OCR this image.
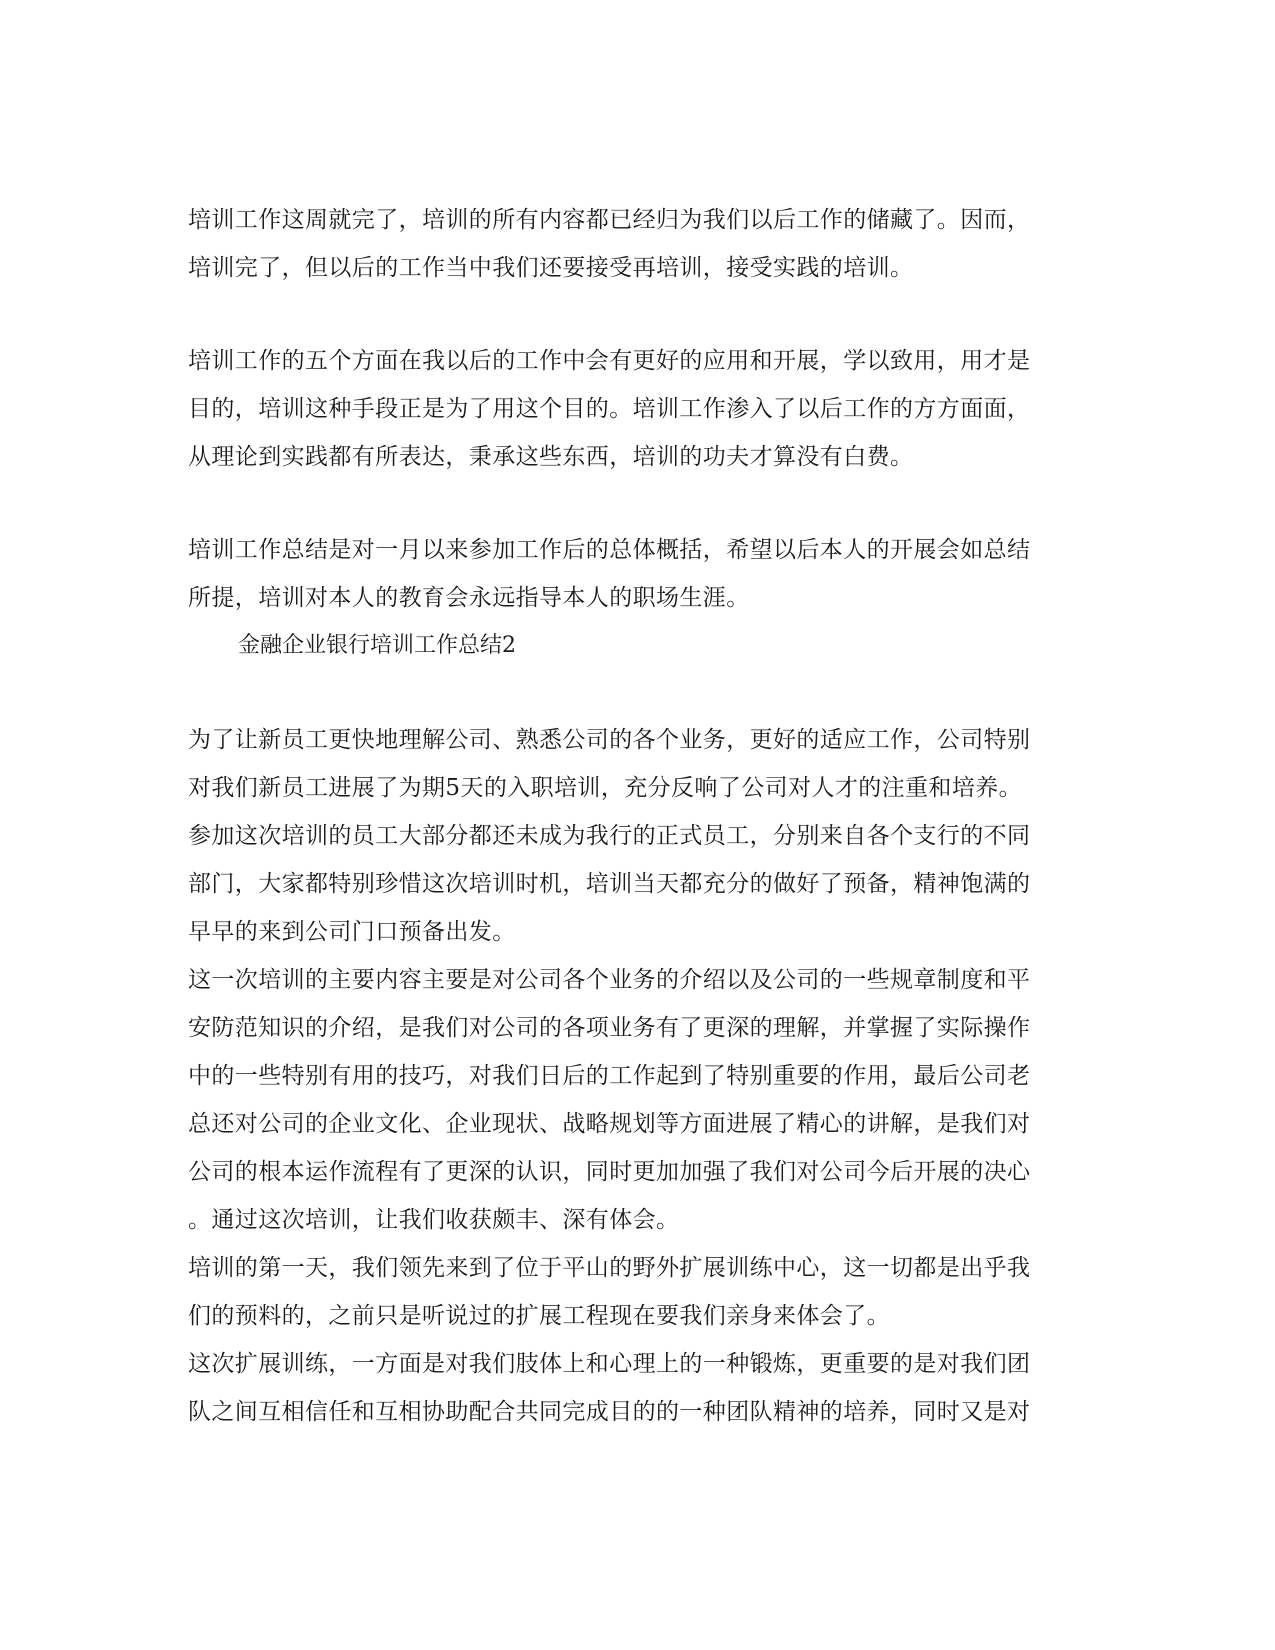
培训工作这周就完了，培训的所有内容都已经归为我们以后工作的储藏了。因而，
培训完了，但以后的工作当中我们还要接受再培训，接受实践的培训。
培训工作的五个方面在我以后的工作中会有更好的应用和开展，学以致用，用才是
目的，培训这种手段正是为了用这个目的。培训工作渗入了以后工作的方方面面，
从理论到实践都有所表达，秉承这些东西，培训的功夫才算没有白费。
培训工作总结是对一月以来参加工作后的总体概括，希望以后本人的开展会如总结
所提，培训对本人的教育会永远指导本人的职场生涯。
金融企业银行培训工作总结2
为了让新员工更快地理解公司、熟悉公司的各个业务，更好的适应工作，公司特别
对我们新员工进展了为期5天的入职培训，充分反响了公司对人才的注重和培养。
参加这次培训的员工大部分都还未成为我行的正式员工，分别来自各个支行的不同
部门，大家都特别珍惜这次培训时机，培训当天都充分的做好了预备，精神饱满的
早早的来到公司门口预备出发。
这一次培训的主要内容主要是对公司各个业务的介绍以及公司的一些规章制度和平
安防范知识的介绍，是我们对公司的各项业务有了更深的理解，并掌握了实际操作
中的一些特别有用的技巧，对我们日后的工作起到了特别重要的作用，最后公司老
总还对公司的企业文化、企业现状、战略规划等方面进展了精心的讲解，是我们对
公司的根本运作流程有了更深的认识，同时更加加强了我们对公司今后开展的决心
。通过这次培训，让我们收获颇丰、深有体会。
培训的第一天，我们领先来到了位于平山的野外扩展训练中心，这一切都是出乎我
们的预料的，之前只是听说过的扩展工程现在要我们亲身来体会了。
这次扩展训练，一方面是对我们肢体上和心理上的一种锻炼，更重要的是对我们团
队之间互相信任和互相协助配合共同完成目的的一种团队精神的培养，同时又是对
